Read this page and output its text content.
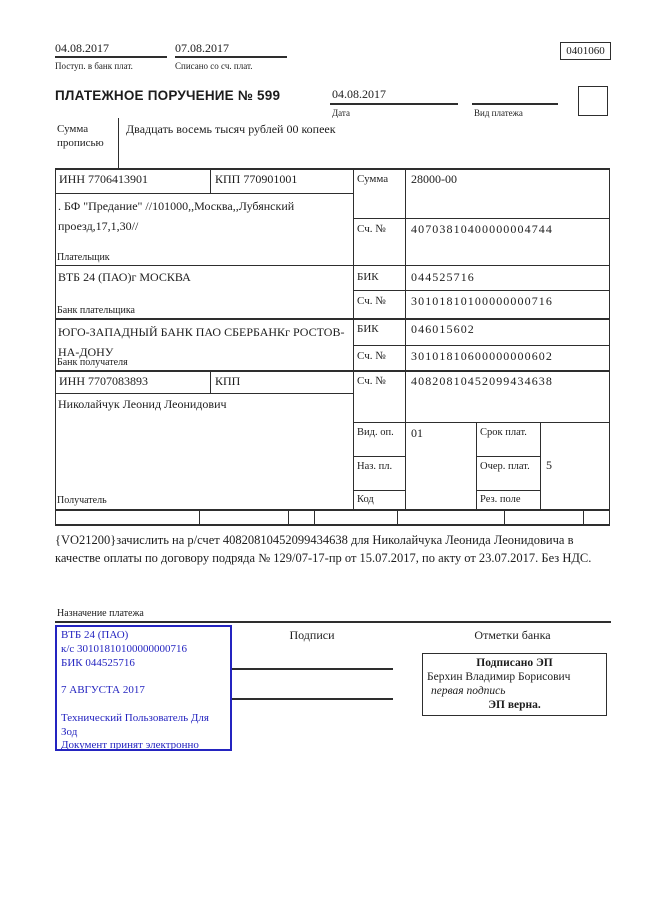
04.08.2017	07.08.2017
Поступ. в банк плат.	Списано со сч. плат.
0401060
ПЛАТЕЖНОЕ ПОРУЧЕНИЕ № 599	04.08.2017
Дата	Вид платежа
Сумма прописью
Двадцать восемь тысяч рублей 00 копеек
ИНН 7706413901	КПП 770901001	Сумма 28000-00
. БФ "Предание" //101000,,Москва,,Лубянский проезд,17,1,30//
Плательщик
Сч. № 40703810400000004744
ВТБ 24 (ПАО)г МОСКВА	БИК	044525716
Сч. № 30101810100000000716
Банк плательщика
ЮГО-ЗАПАДНЫЙ БАНК ПАО СБЕРБАНКг РОСТОВ-НА-ДОНУ
БИК	046015602
Сч. № 30101810600000000602
Банк получателя
ИНН 7707083893	КПП	Сч. № 40820810452099434638
Николайчук Леонид Леонидович
Получатель
Вид. оп. 01	Срок плат.
Наз. пл.	Очер. плат. 5
Код	Рез. поле
{VO21200}зачислить на р/счет 40820810452099434638 для Николайчука Леонида Леонидовича в качестве оплаты по договору подряда № 129/07-17-пр от 15.07.2017, по акту от 23.07.2017. Без НДС.
Назначение платежа
ВТБ 24 (ПАО)
к/с 30101810100000000716
БИК 044525716
7 АВГУСТА 2017
Технический Пользователь Для
Зод
Документ принят электронно
Подписи	Отметки банка
Подписано ЭП
Берхин Владимир Борисович
первая подпись
ЭП верна.
